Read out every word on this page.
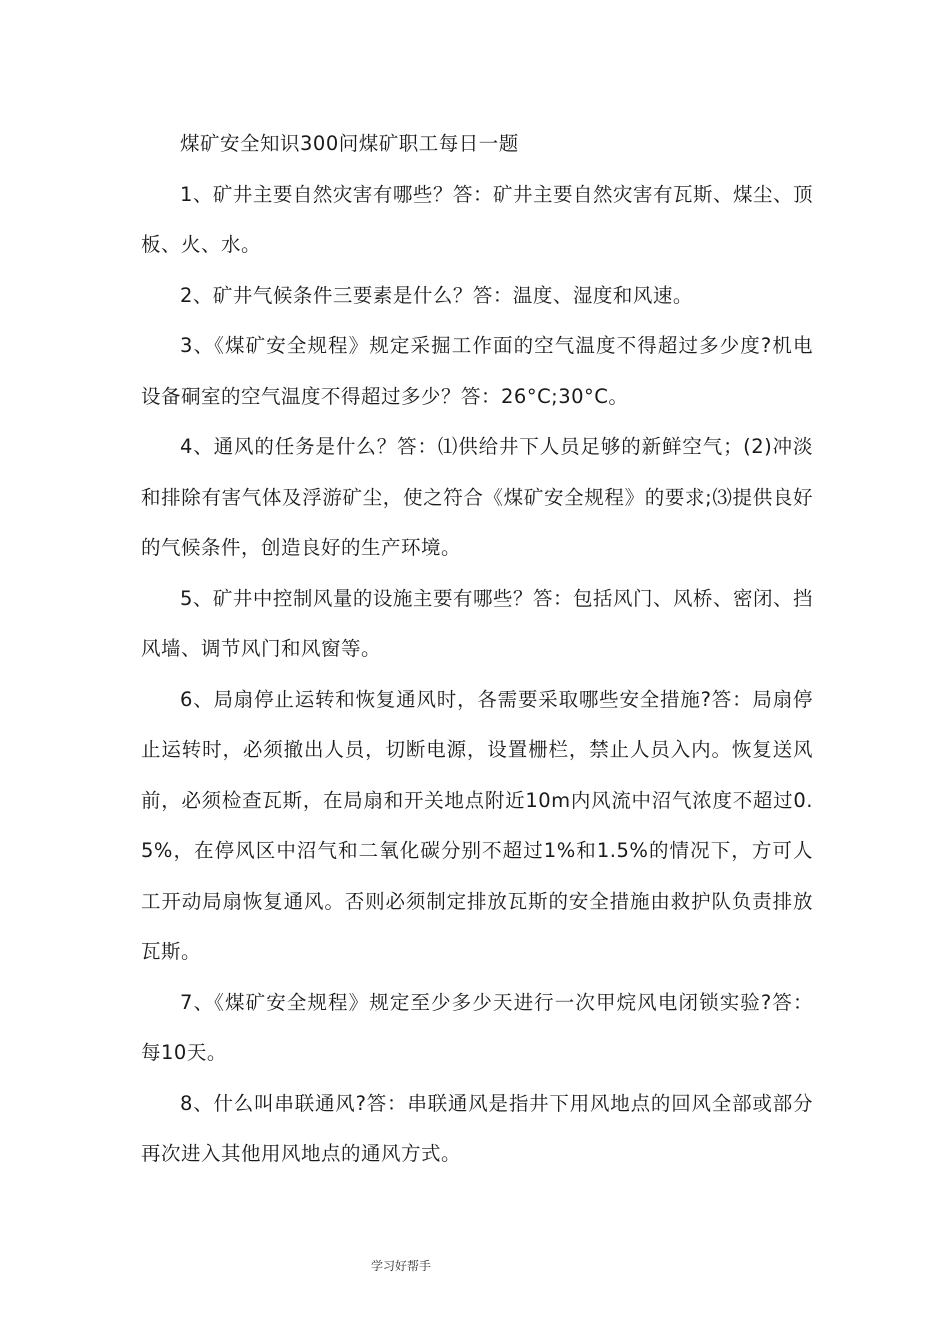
煤矿安全知识300问煤矿职工每日一题

1、矿井主要自然灾害有哪些？答：矿井主要自然灾害有瓦斯、煤尘、顶板、火、水。

2、矿井气候条件三要素是什么？答：温度、湿度和风速。

3、《煤矿安全规程》规定采掘工作面的空气温度不得超过多少度?机电设备硐室的空气温度不得超过多少？答：26°C;30°C。

4、通风的任务是什么？答：⑴供给井下人员足够的新鲜空气；(2)冲淡和排除有害气体及浮游矿尘，使之符合《煤矿安全规程》的要求;⑶提供良好的气候条件，创造良好的生产环境。

5、矿井中控制风量的设施主要有哪些？答：包括风门、风桥、密闭、挡风墙、调节风门和风窗等。

6、局扇停止运转和恢复通风时，各需要采取哪些安全措施?答：局扇停止运转时，必须撤出人员，切断电源，设置栅栏，禁止人员入内。恢复送风前，必须检查瓦斯，在局扇和开关地点附近10m内风流中沼气浓度不超过0.5%，在停风区中沼气和二氧化碳分别不超过1%和1.5%的情况下，方可人工开动局扇恢复通风。否则必须制定排放瓦斯的安全措施由救护队负责排放瓦斯。

7、《煤矿安全规程》规定至少多少天进行一次甲烷风电闭锁实验?答：每10天。

8、什么叫串联通风?答：串联通风是指井下用风地点的回风全部或部分再次进入其他用风地点的通风方式。

学习好帮手
